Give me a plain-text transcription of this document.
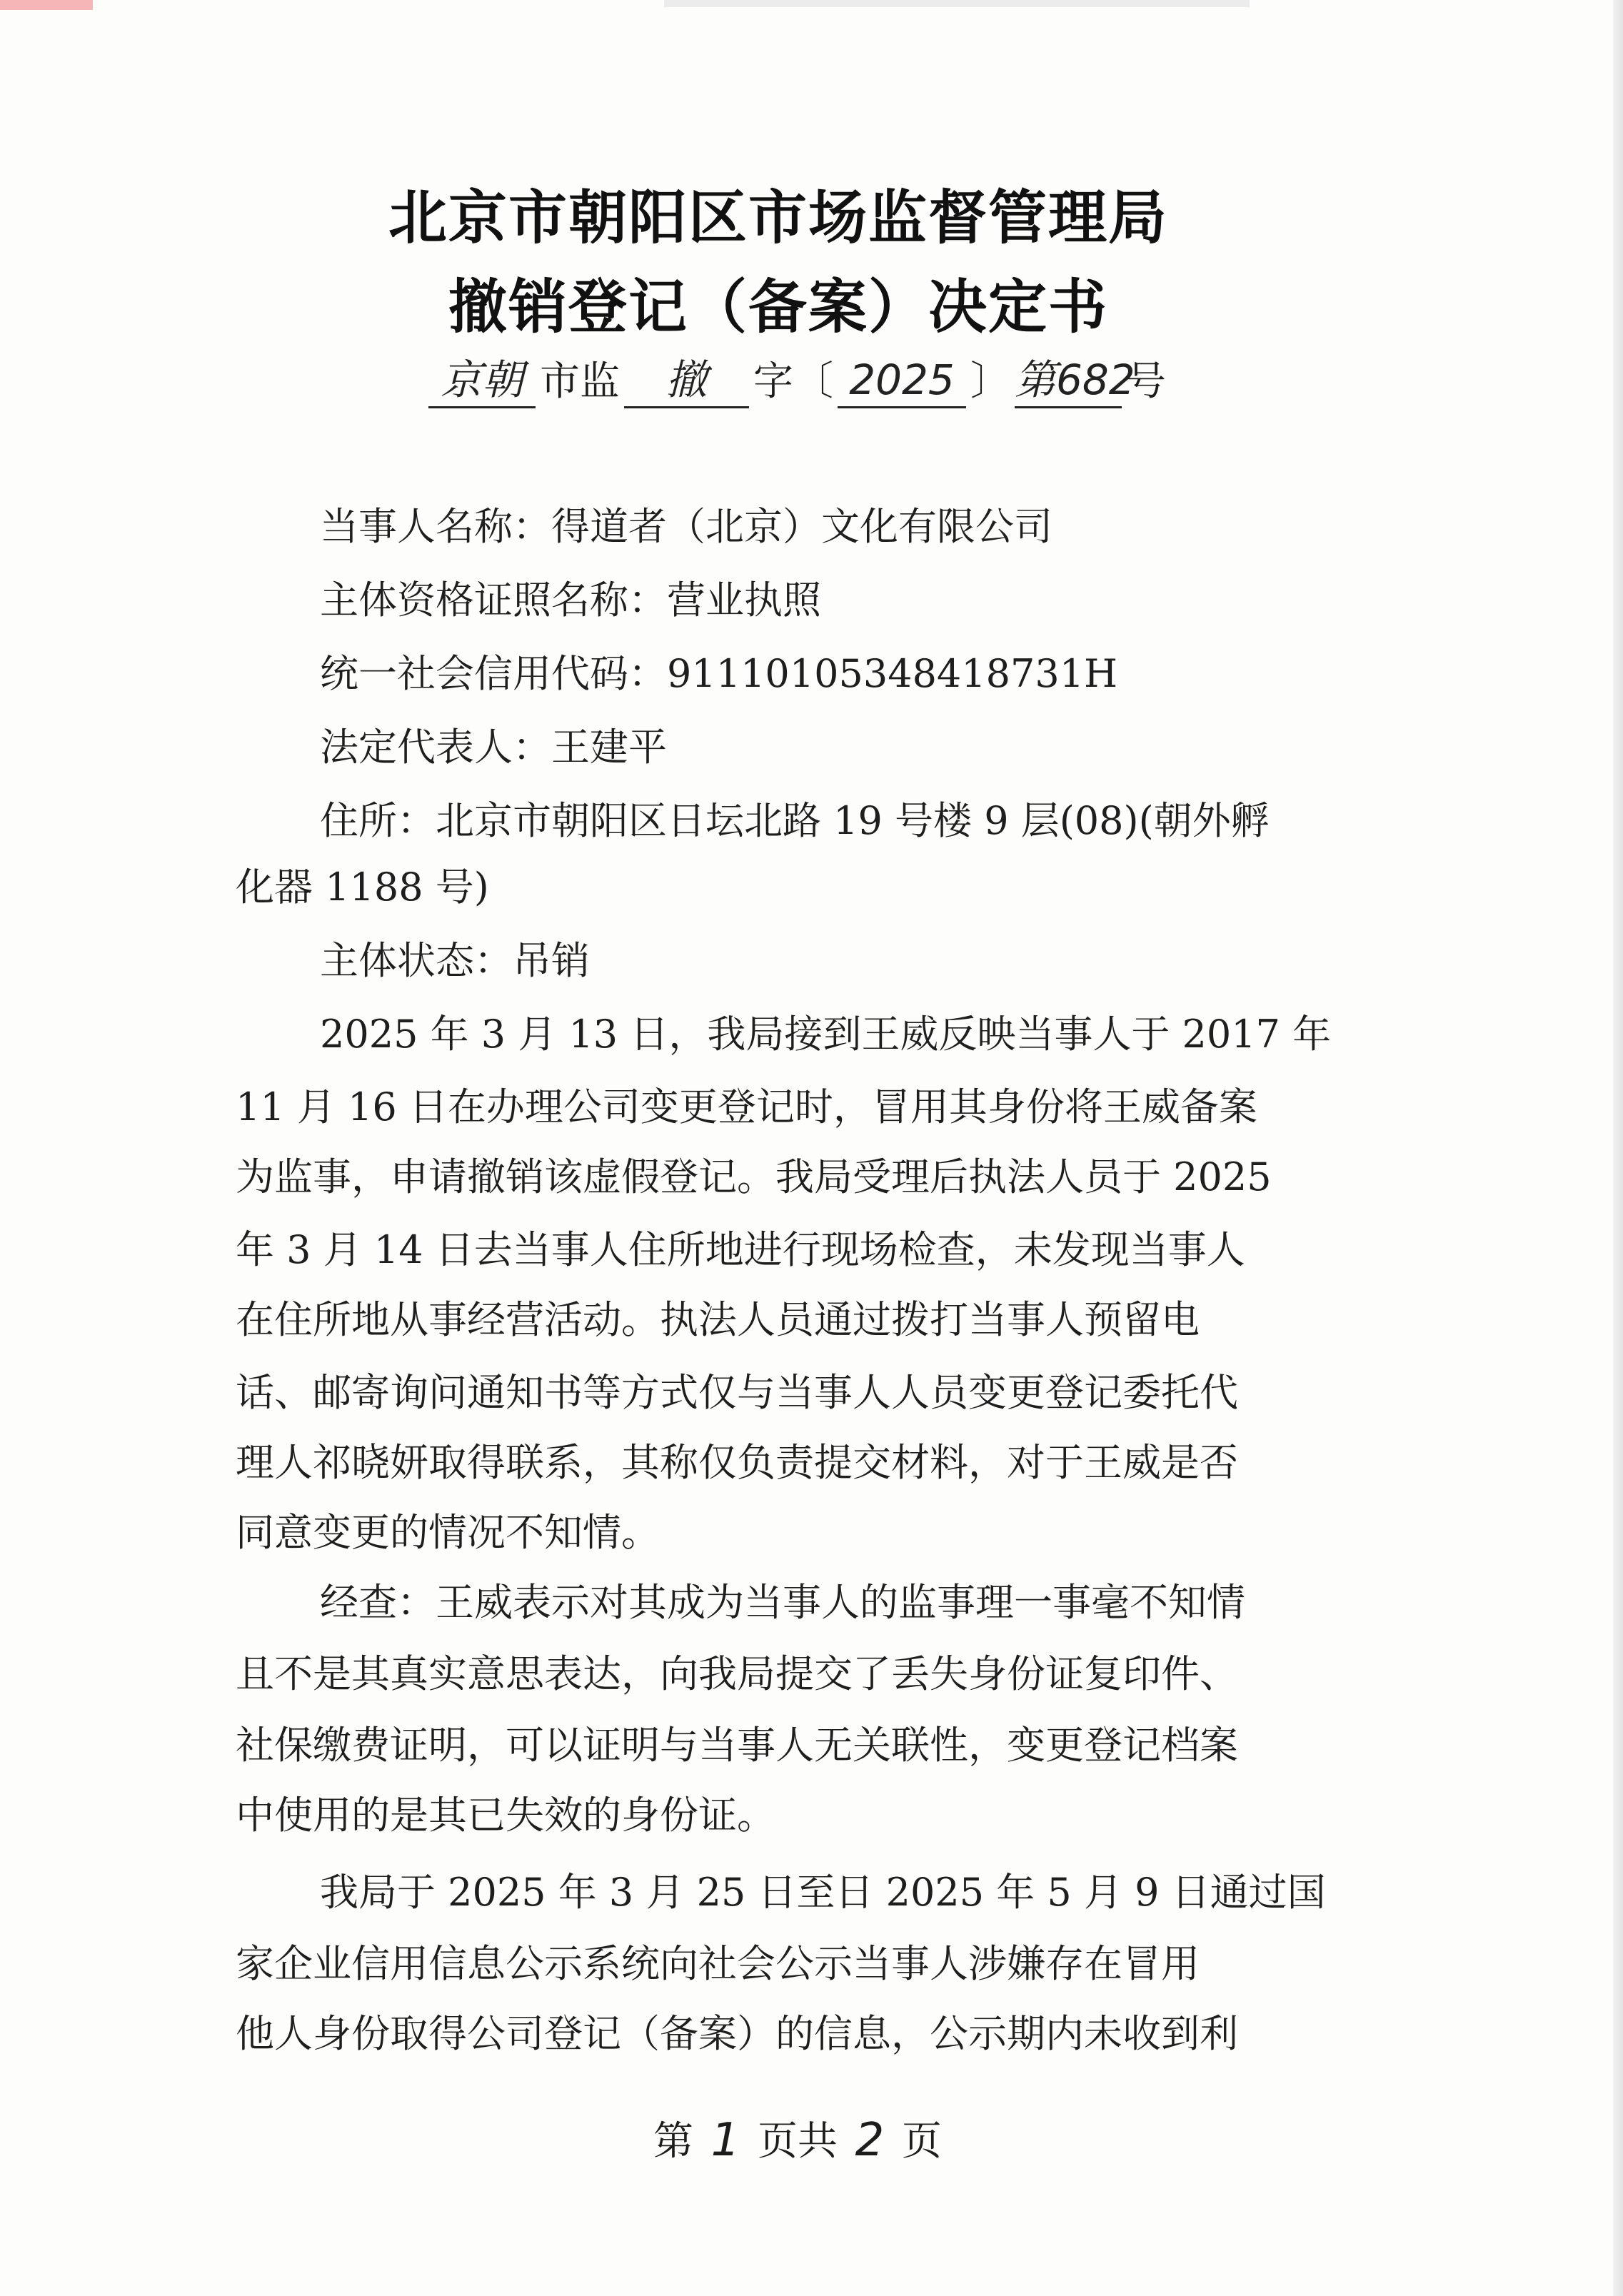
北京市朝阳区市场监督管理局
撤销登记（备案）决定书
京朝 市监	撤	字〔 2025 〕 第682
号
当事人名称：得道者（北京）文化有限公司
主体资格证照名称：营业执照
统一社会信用代码：91110105348418731H
法定代表人：王建平
住所：北京市朝阳区日坛北路 19 号楼 9 层(08)(朝外孵
化器 1188 号)
主体状态：吊销
2025 年 3 月 13 日，我局接到王威反映当事人于 2017 年
11 月 16 日在办理公司变更登记时，冒用其身份将王威备案
为监事，申请撤销该虚假登记。我局受理后执法人员于 2025
年 3 月 14 日去当事人住所地进行现场检查，未发现当事人
在住所地从事经营活动。执法人员通过拨打当事人预留电
话、邮寄询问通知书等方式仅与当事人人员变更登记委托代
理人祁晓妍取得联系，其称仅负责提交材料，对于王威是否
同意变更的情况不知情。
经查：王威表示对其成为当事人的监事理一事毫不知情
且不是其真实意思表达，向我局提交了丢失身份证复印件、
社保缴费证明，可以证明与当事人无关联性，变更登记档案
中使用的是其已失效的身份证。
我局于 2025 年 3 月 25 日至日 2025 年 5 月 9 日通过国
家企业信用信息公示系统向社会公示当事人涉嫌存在冒用
他人身份取得公司登记（备案）的信息，公示期内未收到利
第 1 页共 2 页
